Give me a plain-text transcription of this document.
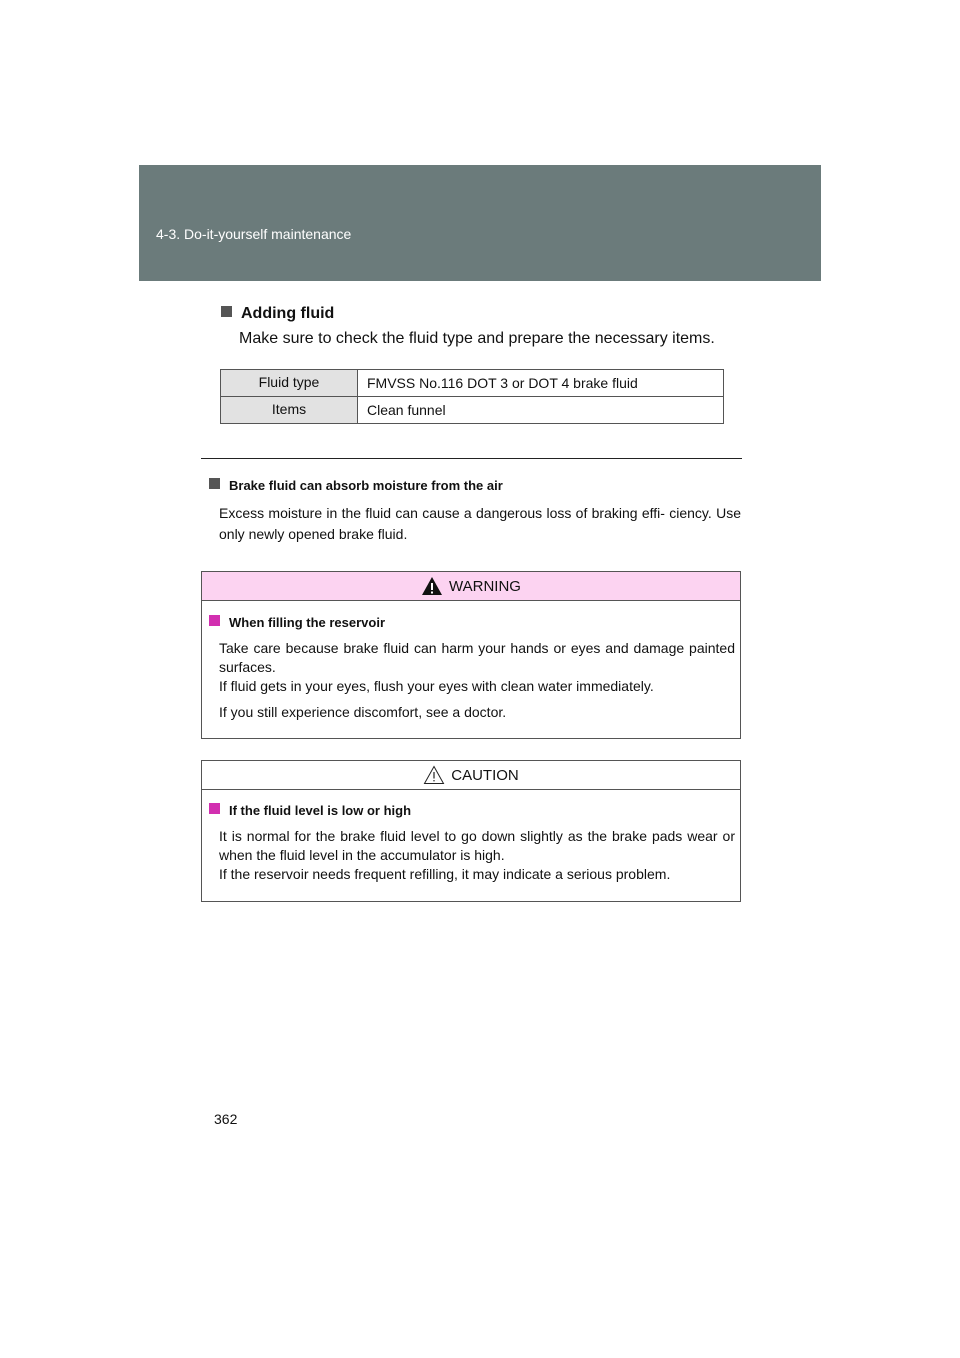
4-3. Do-it-yourself maintenance
Adding fluid
Make sure to check the fluid type and prepare the necessary items.
Fluid type	FMVSS No.116 DOT 3 or DOT 4 brake fluid
Items	Clean funnel
Brake fluid can absorb moisture from the air
Excess moisture in the fluid can cause a dangerous loss of braking effi- ciency. Use only newly opened brake fluid.
WARNING
When filling the reservoir
Take care because brake fluid can harm your hands or eyes and damage painted surfaces.
If fluid gets in your eyes, flush your eyes with clean water immediately.
If you still experience discomfort, see a doctor.
CAUTION
If the fluid level is low or high
It is normal for the brake fluid level to go down slightly as the brake pads wear or when the fluid level in the accumulator is high.
If the reservoir needs frequent refilling, it may indicate a serious problem.
362
